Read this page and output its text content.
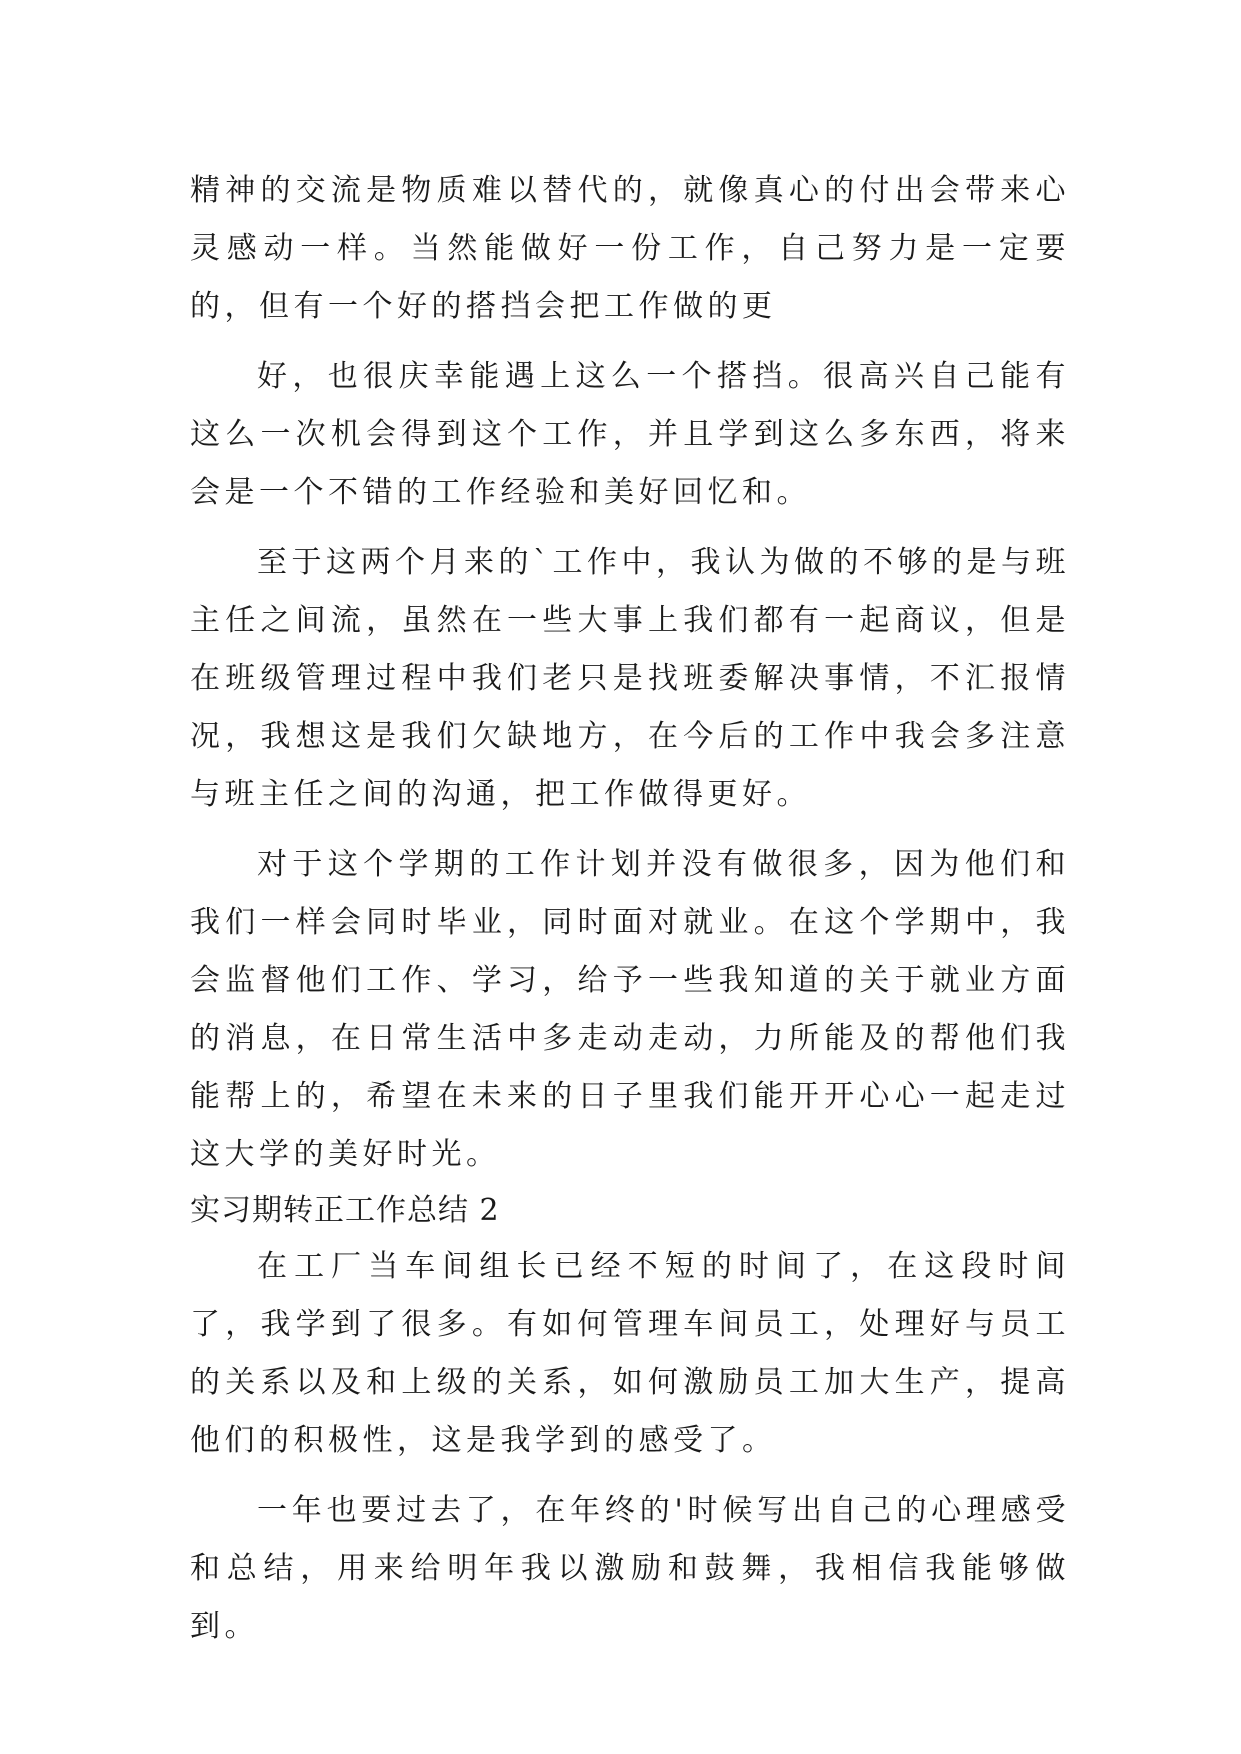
精神的交流是物质难以替代的，就像真心的付出会带来心灵感动一样。当然能做好一份工作，自己努力是一定要的，但有一个好的搭挡会把工作做的更

好，也很庆幸能遇上这么一个搭挡。很高兴自己能有这么一次机会得到这个工作，并且学到这么多东西，将来会是一个不错的工作经验和美好回忆和。

至于这两个月来的`工作中，我认为做的不够的是与班主任之间流，虽然在一些大事上我们都有一起商议，但是在班级管理过程中我们老只是找班委解决事情，不汇报情况，我想这是我们欠缺地方，在今后的工作中我会多注意与班主任之间的沟通，把工作做得更好。

对于这个学期的工作计划并没有做很多，因为他们和我们一样会同时毕业，同时面对就业。在这个学期中，我会监督他们工作、学习，给予一些我知道的关于就业方面的消息，在日常生活中多走动走动，力所能及的帮他们我能帮上的，希望在未来的日子里我们能开开心心一起走过这大学的美好时光。

实习期转正工作总结 2

在工厂当车间组长已经不短的时间了，在这段时间了，我学到了很多。有如何管理车间员工，处理好与员工的关系以及和上级的关系，如何激励员工加大生产，提高他们的积极性，这是我学到的感受了。

一年也要过去了，在年终的'时候写出自己的心理感受和总结，用来给明年我以激励和鼓舞，我相信我能够做到。
